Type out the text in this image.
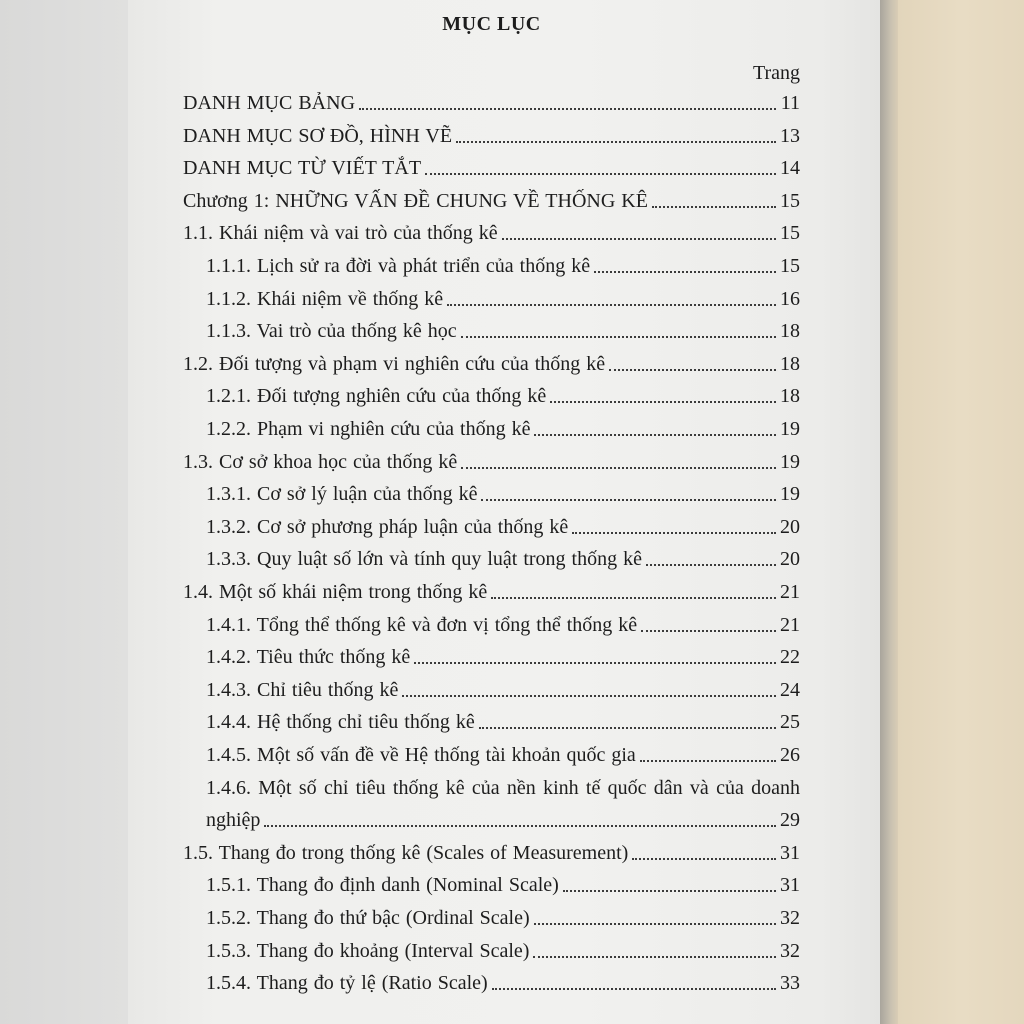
MỤC LỤC
Trang
DANH MỤC BẢNG	11
DANH MỤC SƠ ĐỒ, HÌNH VẼ	13
DANH MỤC TỪ VIẾT TẮT	14
Chương 1: NHỮNG VẤN ĐỀ CHUNG VỀ THỐNG KÊ	15
1.1. Khái niệm và vai trò của thống kê	15
1.1.1. Lịch sử ra đời và phát triển của thống kê	15
1.1.2. Khái niệm về thống kê	16
1.1.3. Vai trò của thống kê học	18
1.2. Đối tượng và phạm vi nghiên cứu của thống kê	18
1.2.1. Đối tượng nghiên cứu của thống kê	18
1.2.2. Phạm vi nghiên cứu của thống kê	19
1.3. Cơ sở khoa học của thống kê	19
1.3.1. Cơ sở lý luận của thống kê	19
1.3.2. Cơ sở phương pháp luận của thống kê	20
1.3.3. Quy luật số lớn và tính quy luật trong thống kê	20
1.4. Một số khái niệm trong thống kê	21
1.4.1. Tổng thể thống kê và đơn vị tổng thể thống kê	21
1.4.2. Tiêu thức thống kê	22
1.4.3. Chỉ tiêu thống kê	24
1.4.4. Hệ thống chỉ tiêu thống kê	25
1.4.5. Một số vấn đề về Hệ thống tài khoản quốc gia	26
1.4.6. Một số chỉ tiêu thống kê của nền kinh tế quốc dân và của doanh
nghiệp	29
1.5. Thang đo trong thống kê (Scales of Measurement)	31
1.5.1. Thang đo định danh (Nominal Scale)	31
1.5.2. Thang đo thứ bậc (Ordinal Scale)	32
1.5.3. Thang đo khoảng (Interval Scale)	32
1.5.4. Thang đo tỷ lệ (Ratio Scale)	33
